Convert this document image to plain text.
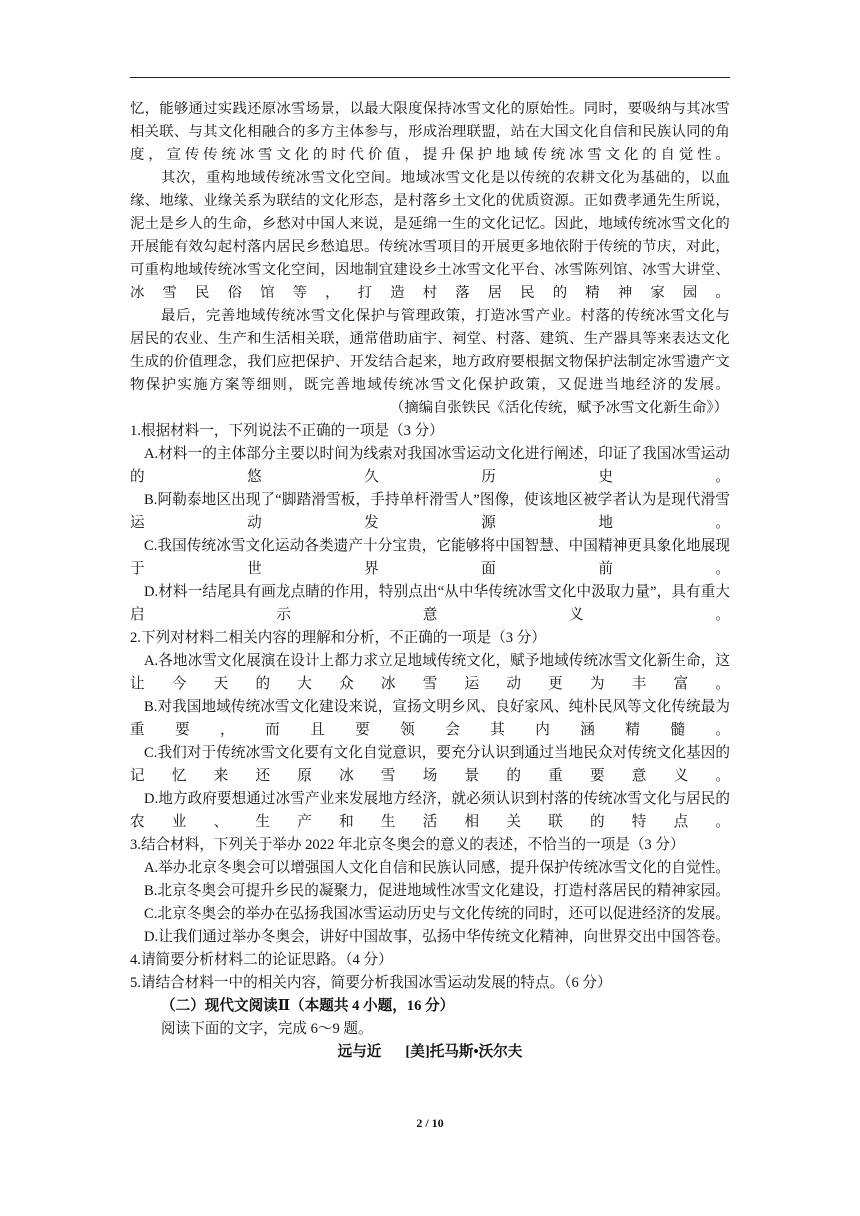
忆，能够通过实践还原冰雪场景，以最大限度保持冰雪文化的原始性。同时，要吸纳与其冰雪相关联、与其文化相融合的多方主体参与，形成治理联盟，站在大国文化自信和民族认同的角度，宣传传统冰雪文化的时代价值，提升保护地域传统冰雪文化的自觉性。

其次，重构地域传统冰雪文化空间。地域冰雪文化是以传统的农耕文化为基础的，以血缘、地缘、业缘关系为联结的文化形态，是村落乡土文化的优质资源。正如费孝通先生所说，泥土是乡人的生命，乡愁对中国人来说，是延绵一生的文化记忆。因此，地域传统冰雪文化的开展能有效勾起村落内居民乡愁追思。传统冰雪项目的开展更多地依附于传统的节庆，对此，可重构地域传统冰雪文化空间，因地制宜建设乡土冰雪文化平台、冰雪陈列馆、冰雪大讲堂、冰雪民俗馆等，打造村落居民的精神家园。

最后，完善地域传统冰雪文化保护与管理政策，打造冰雪产业。村落的传统冰雪文化与居民的农业、生产和生活相关联，通常借助庙宇、祠堂、村落、建筑、生产器具等来表达文化生成的价值理念，我们应把保护、开发结合起来，地方政府要根据文物保护法制定冰雪遗产文物保护实施方案等细则，既完善地域传统冰雪文化保护政策，又促进当地经济的发展。

（摘编自张铁民《活化传统，赋予冰雪文化新生命》）

1.根据材料一，下列说法不正确的一项是（3 分）

A.材料一的主体部分主要以时间为线索对我国冰雪运动文化进行阐述，印证了我国冰雪运动的悠久历史。

B.阿勒泰地区出现了“脚踏滑雪板，手持单杆滑雪人”图像，使该地区被学者认为是现代滑雪运动发源地。

C.我国传统冰雪文化运动各类遗产十分宝贵，它能够将中国智慧、中国精神更具象化地展现于世界面前。

D.材料一结尾具有画龙点睛的作用，特别点出“从中华传统冰雪文化中汲取力量”，具有重大启示意义。

2.下列对材料二相关内容的理解和分析，不正确的一项是（3 分）

A.各地冰雪文化展演在设计上都力求立足地域传统文化，赋予地域传统冰雪文化新生命，这让今天的大众冰雪运动更为丰富。

B.对我国地域传统冰雪文化建设来说，宣扬文明乡风、良好家风、纯朴民风等文化传统最为重要，而且要领会其内涵精髓。

C.我们对于传统冰雪文化要有文化自觉意识，要充分认识到通过当地民众对传统文化基因的记忆来还原冰雪场景的重要意义。

D.地方政府要想通过冰雪产业来发展地方经济，就必须认识到村落的传统冰雪文化与居民的农业、生产和生活相关联的特点。

3.结合材料，下列关于举办 2022 年北京冬奥会的意义的表述，不恰当的一项是（3 分）

A.举办北京冬奥会可以增强国人文化自信和民族认同感，提升保护传统冰雪文化的自觉性。

B.北京冬奥会可提升乡民的凝聚力，促进地域性冰雪文化建设，打造村落居民的精神家园。

C.北京冬奥会的举办在弘扬我国冰雪运动历史与文化传统的同时，还可以促进经济的发展。

D.让我们通过举办冬奥会，讲好中国故事，弘扬中华传统文化精神，向世界交出中国答卷。

4.请简要分析材料二的论证思路。（4 分）

5.请结合材料一中的相关内容，简要分析我国冰雪运动发展的特点。（6 分）

（二）现代文阅读Ⅱ（本题共 4 小题，16 分）

阅读下面的文字，完成 6～9 题。

远与近 [美]托马斯•沃尔夫

2 / 10
